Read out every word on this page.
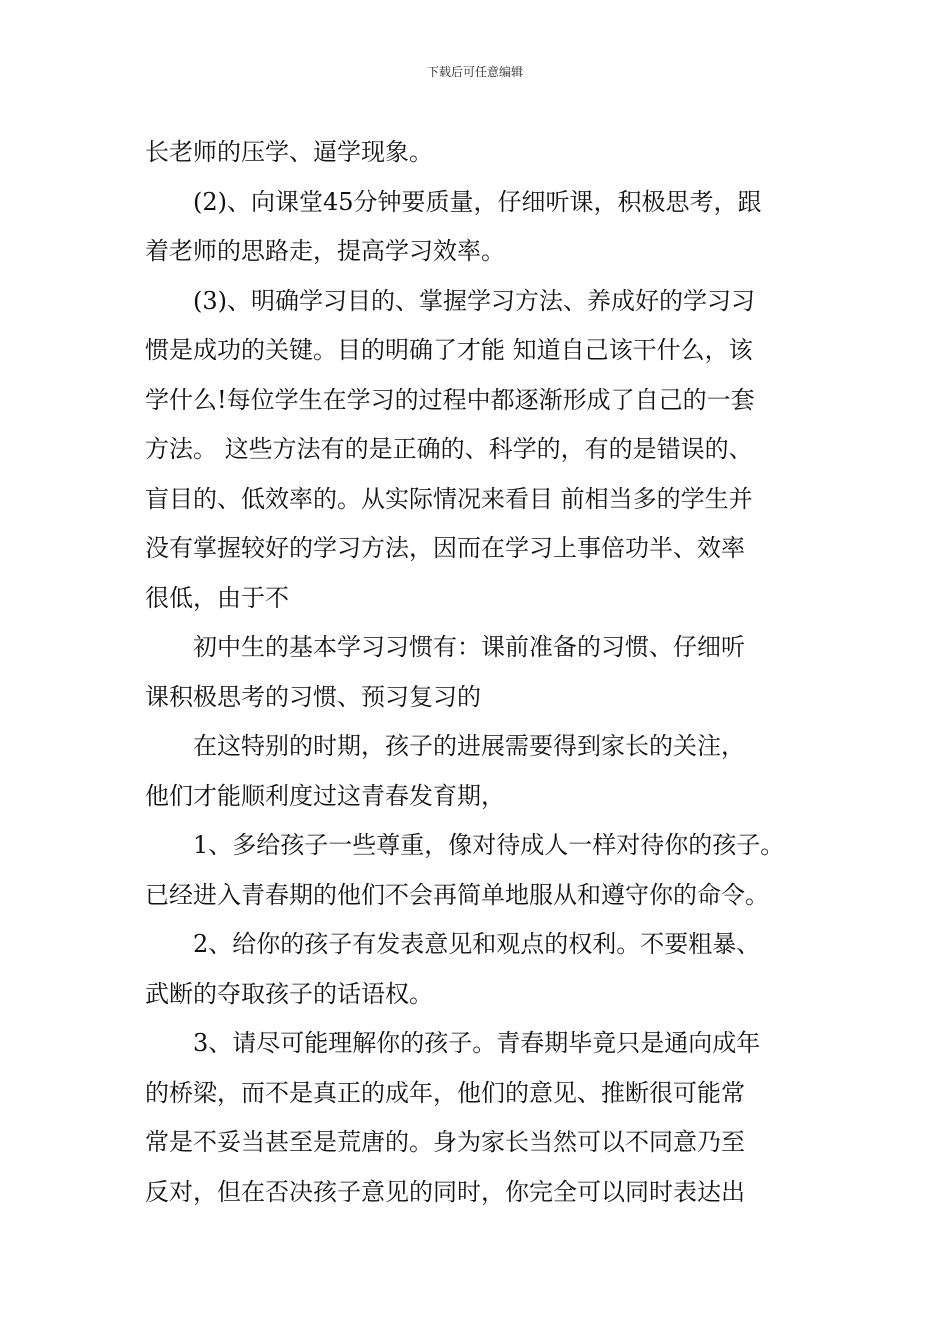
下载后可任意编辑
长老师的压学、逼学现象。
(2)、向课堂45分钟要质量，仔细听课，积极思考，跟
着老师的思路走，提高学习效率。
(3)、明确学习目的、掌握学习方法、养成好的学习习
惯是成功的关键。目的明确了才能 知道自己该干什么，该
学什么!每位学生在学习的过程中都逐渐形成了自己的一套
方法。 这些方法有的是正确的、科学的，有的是错误的、
盲目的、低效率的。从实际情况来看目 前相当多的学生并
没有掌握较好的学习方法，因而在学习上事倍功半、效率
很低，由于不
初中生的基本学习习惯有：课前准备的习惯、仔细听
课积极思考的习惯、预习复习的
在这特别的时期，孩子的进展需要得到家长的关注，
他们才能顺利度过这青春发育期，
1、多给孩子一些尊重，像对待成人一样对待你的孩子。
已经进入青春期的他们不会再简单地服从和遵守你的命令。
2、给你的孩子有发表意见和观点的权利。不要粗暴、
武断的夺取孩子的话语权。
3、请尽可能理解你的孩子。青春期毕竟只是通向成年
的桥梁，而不是真正的成年，他们的意见、推断很可能常
常是不妥当甚至是荒唐的。身为家长当然可以不同意乃至
反对，但在否决孩子意见的同时，你完全可以同时表达出
